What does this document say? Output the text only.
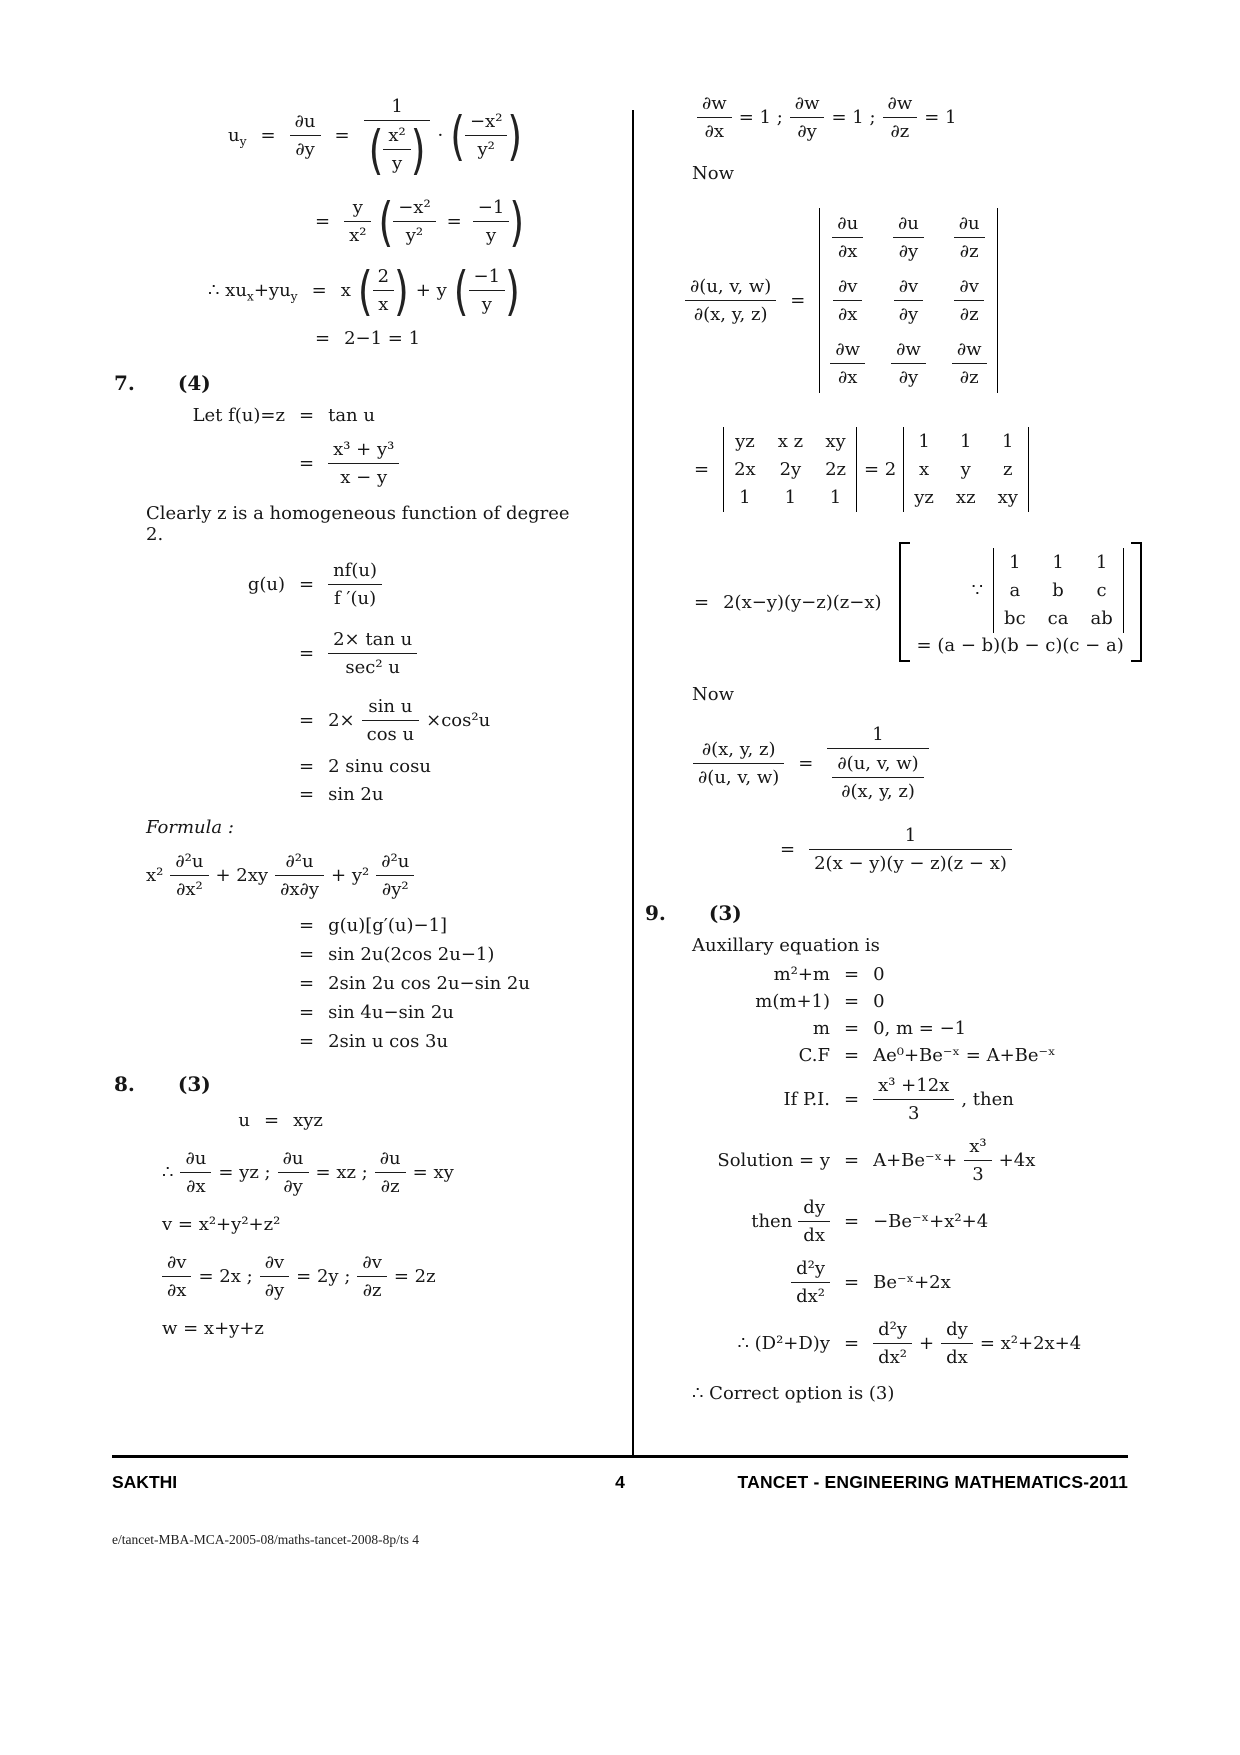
$u_y = \frac{\partial u}{\partial y} = 1$
( x²
y
) ·
( −x²
y²
)
= $\frac{y}{\text{x²}}$ ( $\frac{\text{−x²}}{\text{y²}} = \frac{-1}{y}$
)
∴ $xu_x+yu_y = x$
( 2
x
)
+ y
( −1
y
)
= 2−1 = 1
7. (4)
Let f(u)=z = tan u
= $\frac{\text{x³ + y³}}{x - y}$
Clearly z is a homogeneous function of degree 2.
$g(u) = \frac{nf(u)}{f '(u)}$
=
2× tan u
sec² u
= $2\times \frac{\text{sin u}}{\text{cos u}} \times\cos^2u$
= 2 sinu cosu
= sin 2u
Formula :
x²
∂²u
∂x²
+ 2xy
∂²u
∂x∂y
+ y²
∂²u
∂y²
= g(u)[g′(u)−1]
= sin 2u(2cos 2u−1)
= 2sin 2u cos 2u−sin 2u
= sin 4u−sin 2u
= 2sin u cos 3u
8. (3)
u = xyz
∴ $\frac{\partial u}{\partial x}$ = yz ; $\frac{\partial u}{\partial y}$ = xz ; $\frac{\partial u}{\partial z}$ = xy
v = x²+y²+z²
$\frac{\partial v}{\partial x} = 2x$ ; $\frac{\partial v}{\partial y} = 2y$ ; $\frac{\partial v}{\partial z} = 2z$
w = x+y+z
$\frac{\partial w}{\partial x} = 1$ ; $\frac{\partial w}{\partial y} = 1$ ; $\frac{\partial w}{\partial z} = 1$
Now
$\frac{\partial(u, v, w)}{\partial(x, y, z)}$ =
∂u
∂x
∂u
∂y
∂u
∂z
∂v
∂x
∂v
∂y
∂v
∂z
∂w
∂x
∂w
∂y
∂w
∂z
=
yz x z xy
2x 2y 2z
1 1 1
= 2
1 1 1
x y z
yz xz xy
= 2(x−y)(y−z)(z−x)
∵
1 1 1
a b c
bc ca ab
= (a − b)(b − c)(c − a)
Now
$\frac{\partial(x, y, z)}{\partial(u, v, w)} = \frac{1}{\frac{\partial(u, v, w)}{\partial(x, y, z)}}$
= $\frac{1}{2(x - y)(y - z)(z - x)}$
9. (3)
Auxillary equation is
m²+m = 0
m(m+1) = 0
m = 0, m = −1
C.F = Ae⁰+Be⁻ˣ = A+Be⁻ˣ
If P.I. = $\frac{\text{x³ +12x}}{3}$ , then
Solution = y = A+Be⁻ˣ+ $\frac{\text{x³}}{3} +4x$
then
dy
dx
= −Be⁻ˣ+x²+4
d²y
dx²
= Be⁻ˣ+2x
∴ $(D^2+D)y = \frac{\text{d²y}}{\text{dx²}} + \frac{dy}{dx} = x^2+2x+4$
∴ Correct option is (3)
SAKTHI	4	TANCET - ENGINEERING MATHEMATICS-2011
e/tancet-MBA-MCA-2005-08/maths-tancet-2008-8p/ts 4
